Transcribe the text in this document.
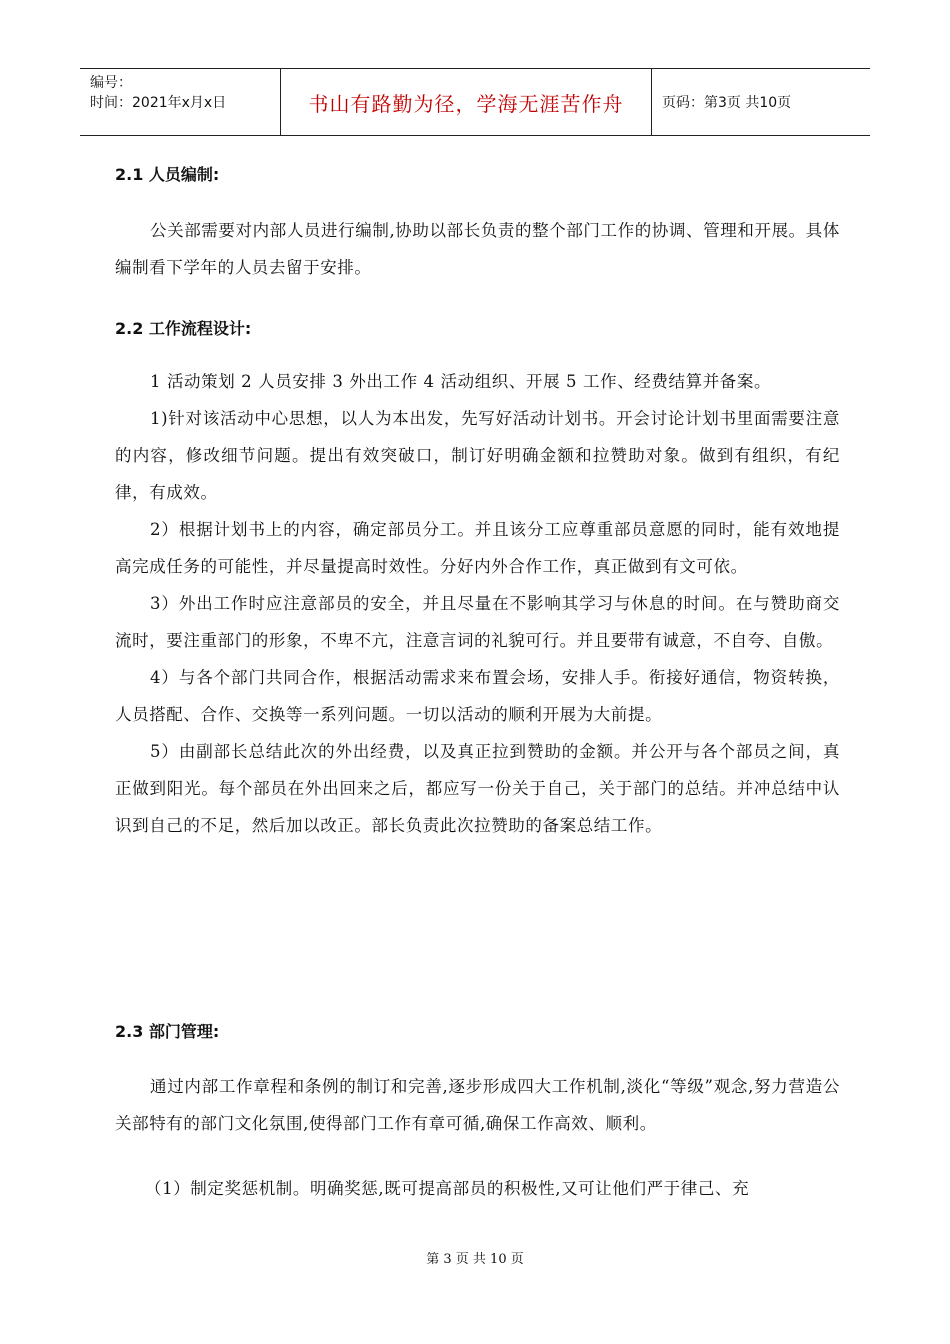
编号：
时间：2021年x月x日	书山有路勤为径，学海无涯苦作舟	页码：第3页 共10页
2.1 人员编制:

公关部需要对内部人员进行编制,协助以部长负责的整个部门工作的协调、管理和开展。具体编制看下学年的人员去留于安排。

2.2 工作流程设计:

1 活动策划 2 人员安排 3 外出工作 4 活动组织、开展 5 工作、经费结算并备案。

1)针对该活动中心思想，以人为本出发，先写好活动计划书。开会讨论计划书里面需要注意的内容，修改细节问题。提出有效突破口，制订好明确金额和拉赞助对象。做到有组织，有纪律，有成效。

2）根据计划书上的内容，确定部员分工。并且该分工应尊重部员意愿的同时，能有效地提高完成任务的可能性，并尽量提高时效性。分好内外合作工作，真正做到有文可依。

3）外出工作时应注意部员的安全，并且尽量在不影响其学习与休息的时间。在与赞助商交流时，要注重部门的形象，不卑不亢，注意言词的礼貌可行。并且要带有诚意，不自夸、自傲。

4）与各个部门共同合作，根据活动需求来布置会场，安排人手。衔接好通信，物资转换，人员搭配、合作、交换等一系列问题。一切以活动的顺利开展为大前提。

5）由副部长总结此次的外出经费，以及真正拉到赞助的金额。并公开与各个部员之间，真正做到阳光。每个部员在外出回来之后，都应写一份关于自己，关于部门的总结。并冲总结中认识到自己的不足，然后加以改正。部长负责此次拉赞助的备案总结工作。

2.3 部门管理:

通过内部工作章程和条例的制订和完善,逐步形成四大工作机制,淡化“等级”观念,努力营造公关部特有的部门文化氛围,使得部门工作有章可循,确保工作高效、顺利。

（1）制定奖惩机制。明确奖惩,既可提高部员的积极性,又可让他们严于律己、充

第 3 页 共 10 页
